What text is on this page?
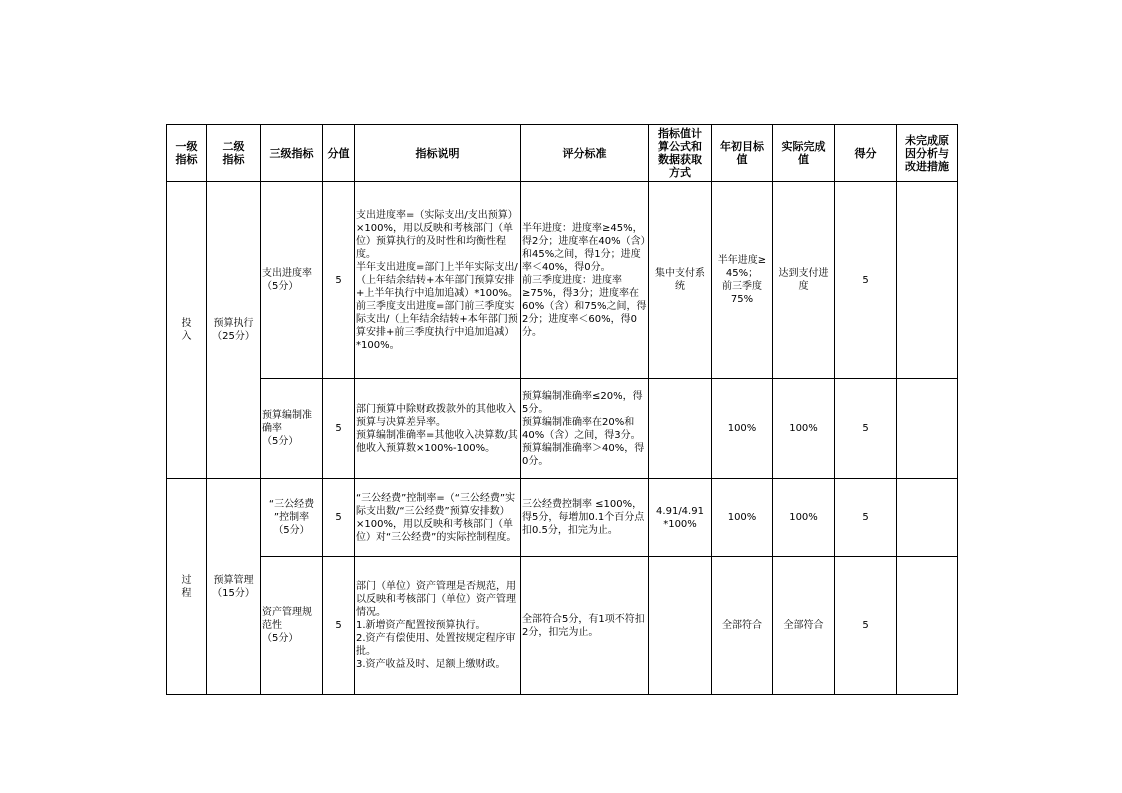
一级
指标	二级
指标	三级指标	分值	指标说明	评分标准	指标值计
算公式和
数据获取
方式	年初目标
值	实际完成
值	得分	未完成原
因分析与
改进措施
投
入	预算执行
（25分）	支出进度率
（5分）	5	支出进度率=（实际支出/支出预算）×100%，用以反映和考核部门（单位）预算执行的及时性和均衡性程度。
半年支出进度=部门上半年实际支出/（上年结余结转+本年部门预算安排+上半年执行中追加追减）*100%。
前三季度支出进度=部门前三季度实际支出/（上年结余结转+本年部门预算安排+前三季度执行中追加追减）*100%。	半年进度：进度率≥45%，得2分；进度率在40%（含）和45%之间，得1分；进度率＜40%，得0分。
前三季度进度：进度率≥75%，得3分；进度率在60%（含）和75%之间，得2分；进度率＜60%，得0分。	集中支付系
统	半年进度≥
45%；
前三季度
75%	达到支付进
度	5	
		预算编制准
确率
（5分）	5	部门预算中除财政拨款外的其他收入预算与决算差异率。
预算编制准确率=其他收入决算数/其他收入预算数×100%-100%。	预算编制准确率≤20%，得5分。
预算编制准确率在20%和40%（含）之间，得3分。
预算编制准确率＞40%，得0分。		100%	100%	5	
过
程	预算管理
（15分）	“三公经费
”控制率
（5分）	5	“三公经费”控制率=（“三公经费”实际支出数/“三公经费”预算安排数）×100%，用以反映和考核部门（单位）对“三公经费”的实际控制程度。	三公经费控制率 ≤100%，得5分，每增加0.1个百分点扣0.5分，扣完为止。	4.91/4.91
*100%	100%	100%	5	
		资产管理规
范性
（5分）	5	部门（单位）资产管理是否规范，用以反映和考核部门（单位）资产管理情况。
1.新增资产配置按预算执行。
2.资产有偿使用、处置按规定程序审批。
3.资产收益及时、足额上缴财政。	全部符合5分，有1项不符扣2分，扣完为止。		全部符合	全部符合	5	
